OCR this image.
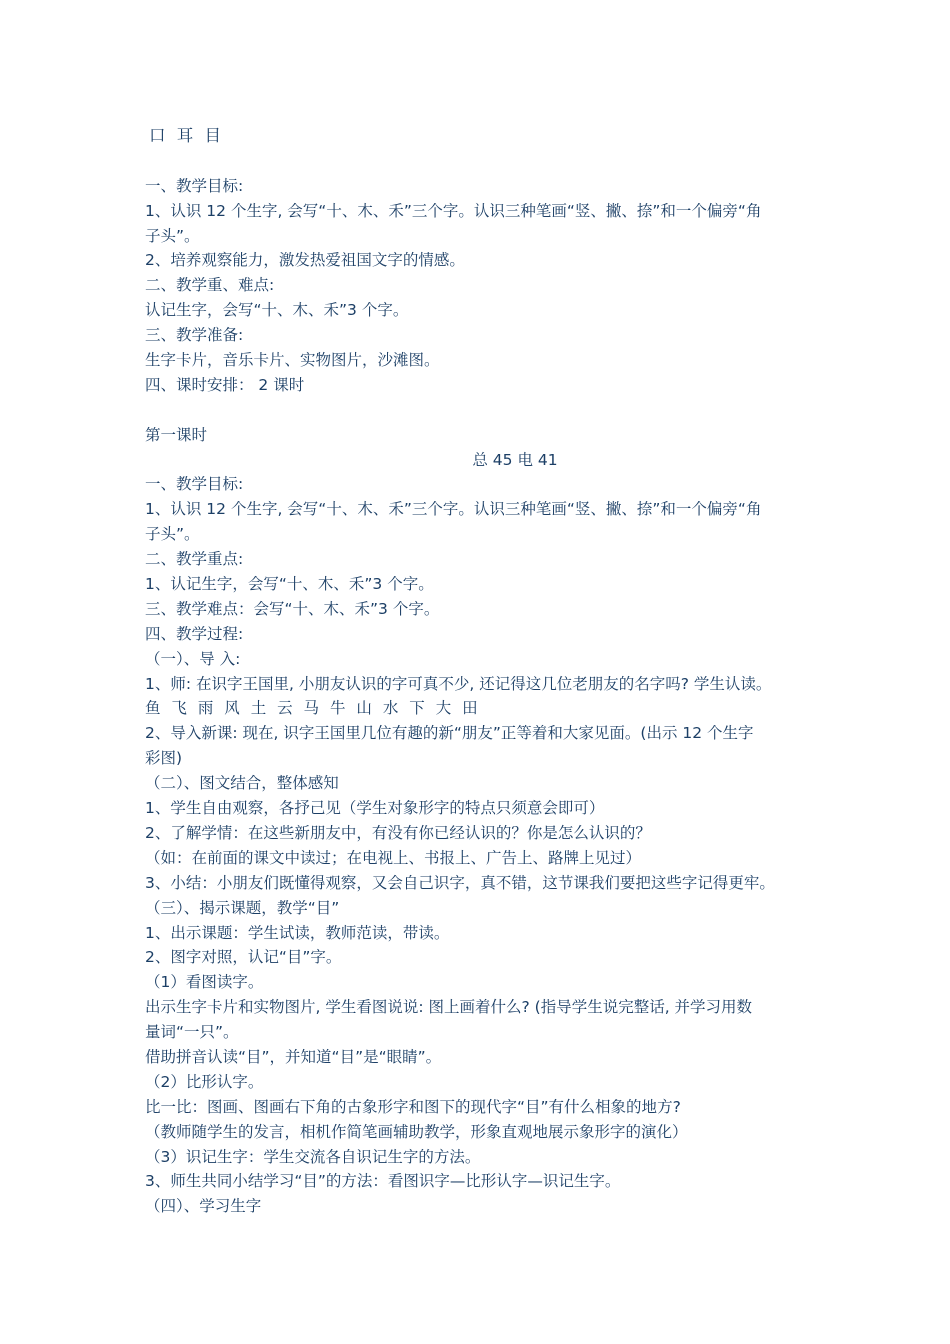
口 耳 目
一、教学目标:
1、认识 12 个生字, 会写“十、木、禾”三个字。认识三种笔画“竖、撇、捺”和一个偏旁“角
子头”。
2、培养观察能力，激发热爱祖国文字的情感。
二、教学重、难点:
认记生字，会写“十、木、禾”3 个字。
三、教学准备:
生字卡片，音乐卡片、实物图片，沙滩图。
四、课时安排： 2 课时
第一课时
总 45 电 41
一、教学目标:
1、认识 12 个生字, 会写“十、木、禾”三个字。认识三种笔画“竖、撇、捺”和一个偏旁“角
子头”。
二、教学重点:
1、认记生字，会写“十、木、禾”3 个字。
三、教学难点：会写“十、木、禾”3 个字。
四、教学过程:
（一）、导 入:
1、师: 在识字王国里, 小朋友认识的字可真不少, 还记得这几位老朋友的名字吗? 学生认读。
鱼 飞 雨 风 土 云 马 牛 山 水 下 大 田
2、导入新课: 现在, 识字王国里几位有趣的新“朋友”正等着和大家见面。(出示 12 个生字
彩图)
（二）、图文结合，整体感知
1、学生自由观察，各抒己见（学生对象形字的特点只须意会即可）
2、了解学情：在这些新朋友中，有没有你已经认识的？你是怎么认识的？
（如：在前面的课文中读过；在电视上、书报上、广告上、路牌上见过）
3、小结：小朋友们既懂得观察，又会自己识字，真不错，这节课我们要把这些字记得更牢。
（三）、揭示课题，教学“目”
1、出示课题：学生试读，教师范读，带读。
2、图字对照，认记“目”字。
（1）看图读字。
出示生字卡片和实物图片, 学生看图说说: 图上画着什么? (指导学生说完整话, 并学习用数
量词“一只”。
借助拼音认读“目”，并知道“目”是“眼睛”。
（2）比形认字。
比一比：图画、图画右下角的古象形字和图下的现代字“目”有什么相象的地方?
（教师随学生的发言，相机作简笔画辅助教学，形象直观地展示象形字的演化）
（3）识记生字：学生交流各自识记生字的方法。
3、师生共同小结学习“目”的方法：看图识字—比形认字—识记生字。
（四）、学习生字
